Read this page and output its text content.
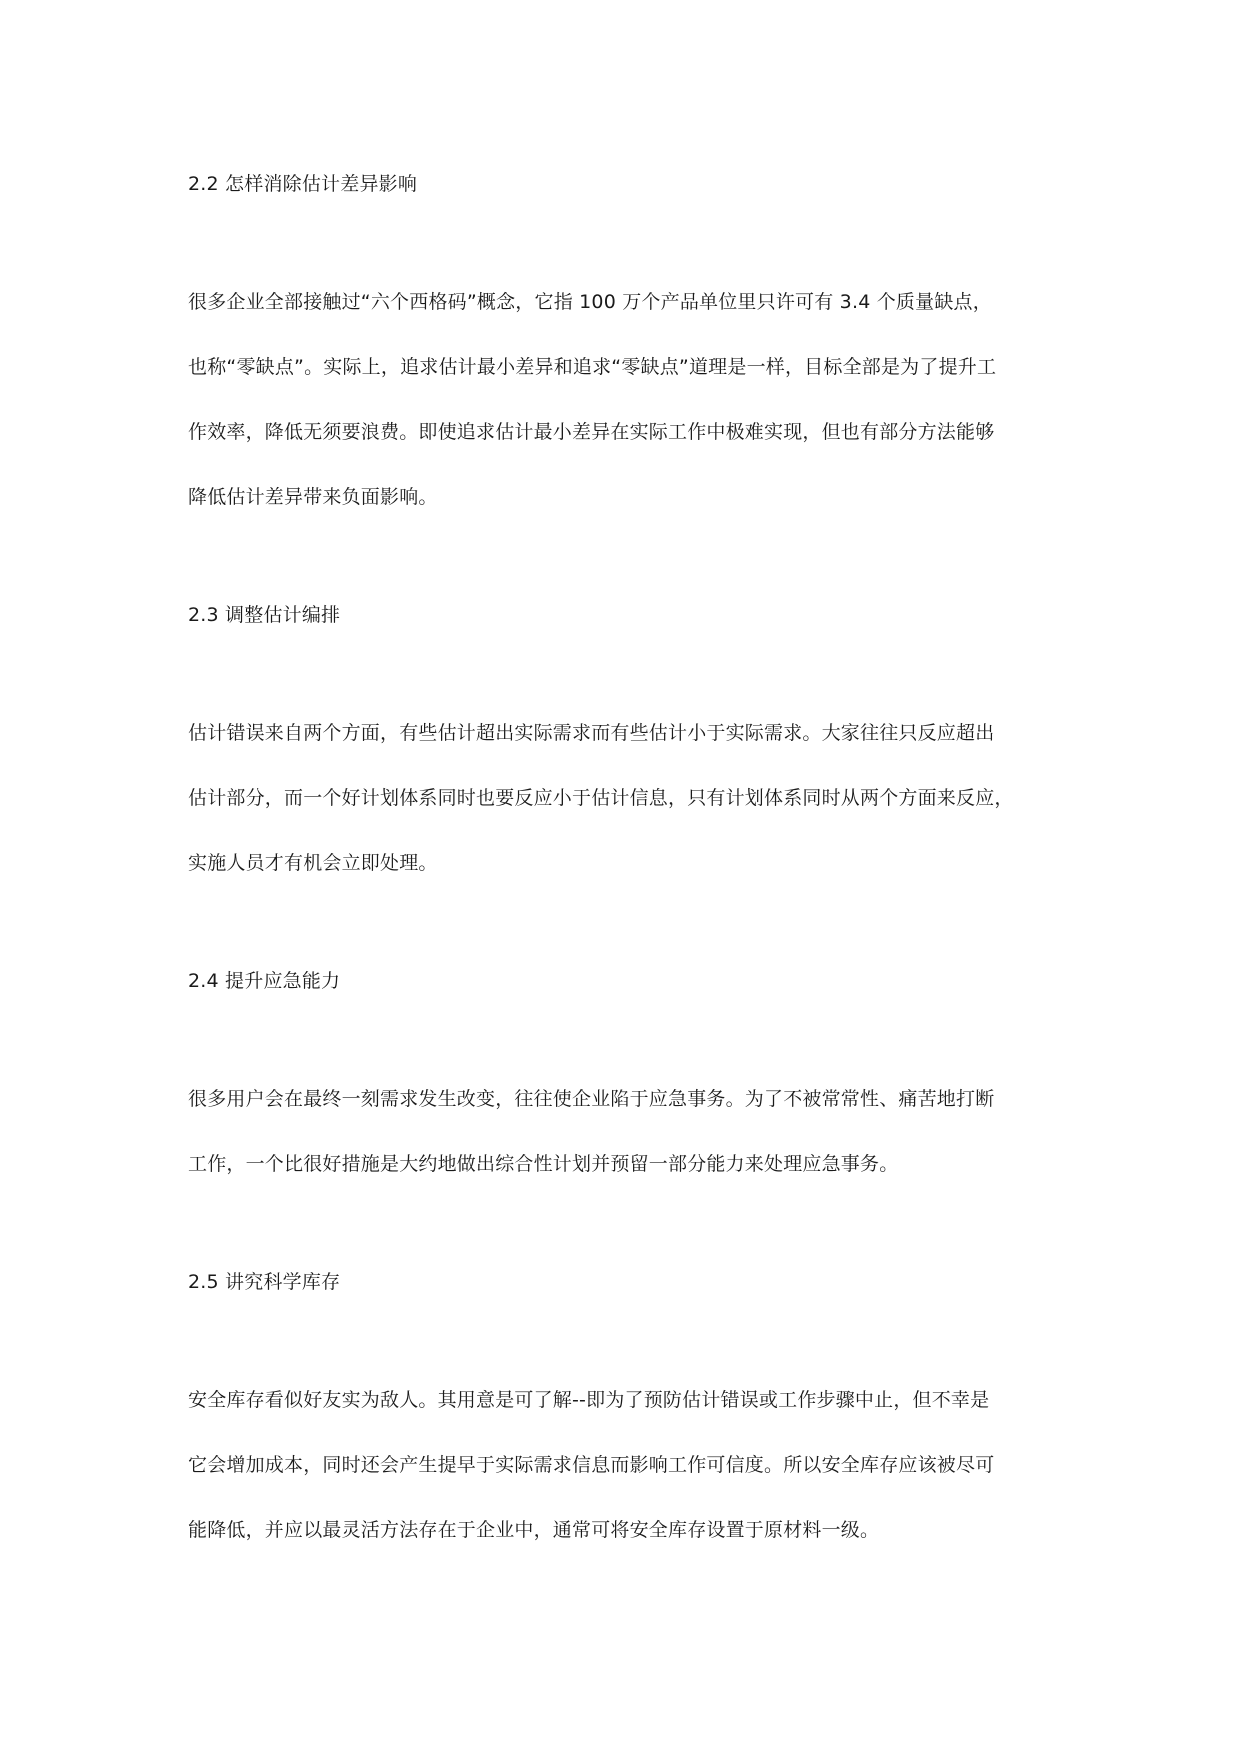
2.2 怎样消除估计差异影响
很多企业全部接触过“六个西格码”概念，它指 100 万个产品单位里只许可有 3.4 个质量缺点，
也称“零缺点”。实际上，追求估计最小差异和追求“零缺点”道理是一样，目标全部是为了提升工
作效率，降低无须要浪费。即使追求估计最小差异在实际工作中极难实现，但也有部分方法能够
降低估计差异带来负面影响。
2.3 调整估计编排
估计错误来自两个方面，有些估计超出实际需求而有些估计小于实际需求。大家往往只反应超出
估计部分，而一个好计划体系同时也要反应小于估计信息，只有计划体系同时从两个方面来反应，
实施人员才有机会立即处理。
2.4 提升应急能力
很多用户会在最终一刻需求发生改变，往往使企业陷于应急事务。为了不被常常性、痛苦地打断
工作，一个比很好措施是大约地做出综合性计划并预留一部分能力来处理应急事务。
2.5 讲究科学库存
安全库存看似好友实为敌人。其用意是可了解--即为了预防估计错误或工作步骤中止，但不幸是
它会增加成本，同时还会产生提早于实际需求信息而影响工作可信度。所以安全库存应该被尽可
能降低，并应以最灵活方法存在于企业中，通常可将安全库存设置于原材料一级。
